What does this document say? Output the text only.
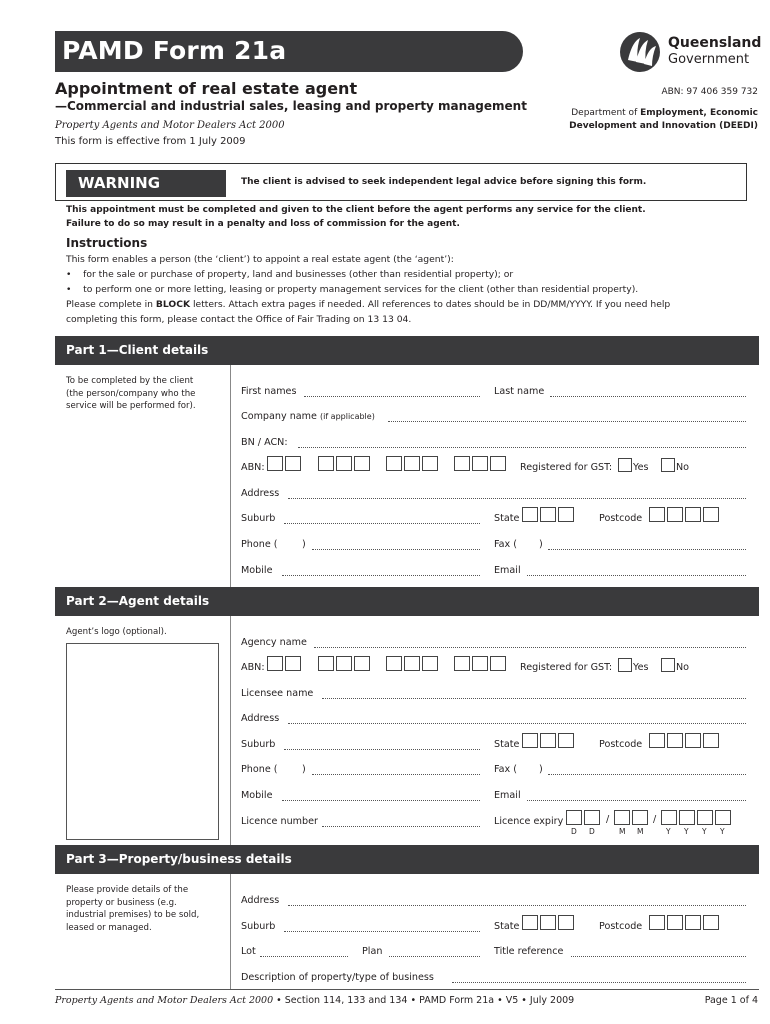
PAMD Form 21a	Queensland
Government
Appointment of real estate agent
—Commercial and industrial sales, leasing and property management
Property Agents and Motor Dealers Act 2000
This form is effective from 1 July 2009
ABN: 97 406 359 732
Department of Employment, Economic
Development and Innovation (DEEDI)
WARNING	The client is advised to seek independent legal advice before signing this form.
This appointment must be completed and given to the client before the agent performs any service for the client.
Failure to do so may result in a penalty and loss of commission for the agent.
Instructions
This form enables a person (the ‘client’) to appoint a real estate agent (the ‘agent’):
•    for the sale or purchase of property, land and businesses (other than residential property); or
•    to perform one or more letting, leasing or property management services for the client (other than residential property).
Please complete in BLOCK letters. Attach extra pages if needed. All references to dates should be in DD/MM/YYYY. If you need help
completing this form, please contact the Office of Fair Trading on 13 13 04.
Part 1—Client details
To be completed by the client
(the person/company who the
service will be performed for).
First names	Last name
Company name (if applicable)
BN / ACN:
ABN:	Registered for GST:	Yes	No
Address
Suburb	State	Postcode
Phone (	)	Fax ( )
Mobile	Email
Part 2—Agent details
Agent’s logo (optional).
Agency name
ABN:	Registered for GST:	Yes	No
Licensee name
Address
Suburb	State	Postcode
Phone (	)	Fax ( )
Mobile	Email
Licence number	Licence expiry	/	/
D D	M M	Y Y Y Y
Part 3—Property/business details
Please provide details of the
property or business (e.g.
industrial premises) to be sold,
leased or managed.
Address
Suburb	State	Postcode
Lot	Plan	Title reference
Description of property/type of business
Property Agents and Motor Dealers Act 2000 • Section 114, 133 and 134 • PAMD Form 21a • V5 • July 2009	Page 1 of 4
